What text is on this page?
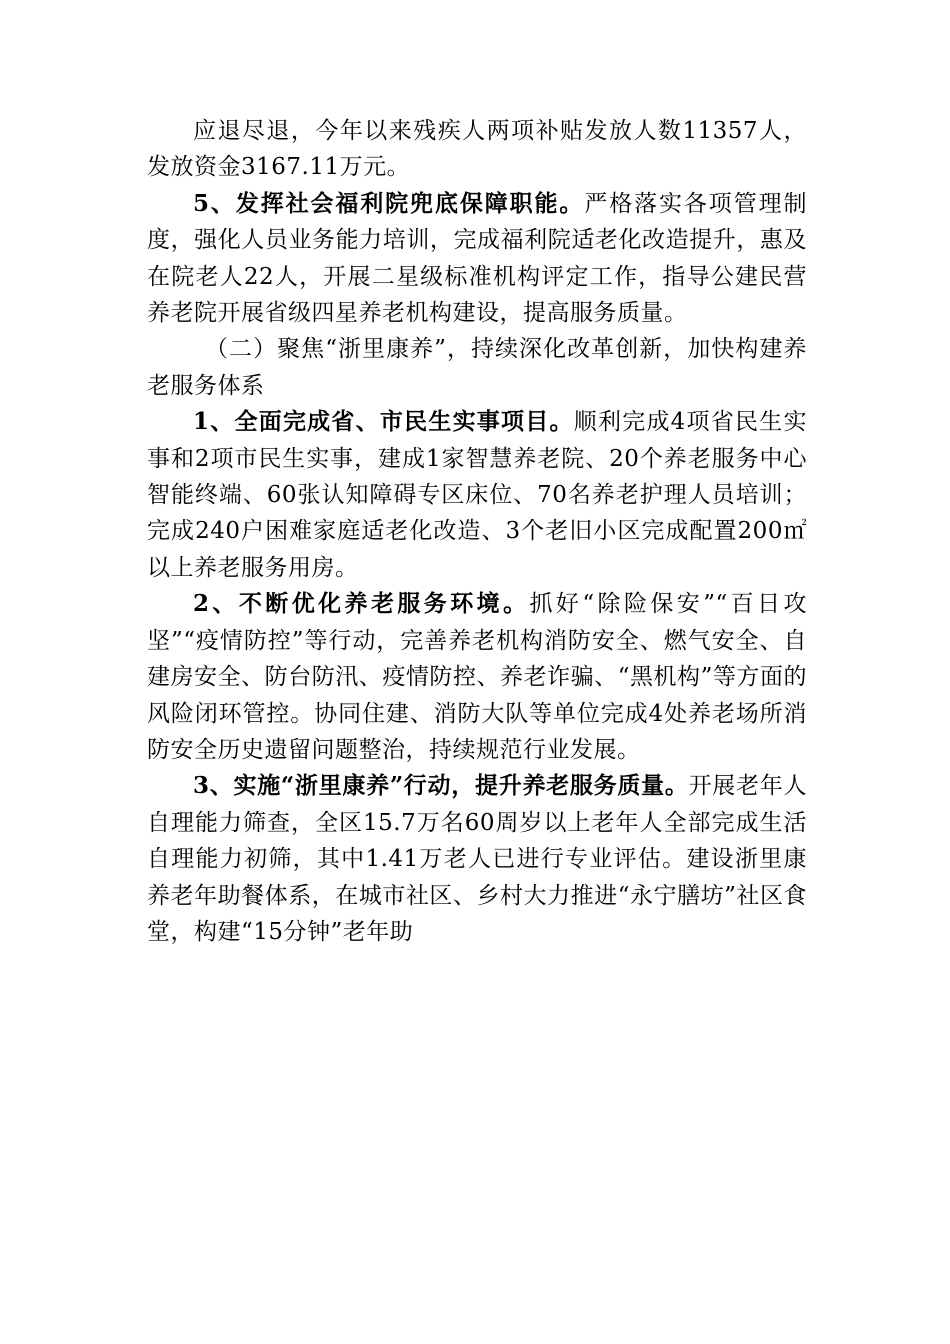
应退尽退，今年以来残疾人两项补贴发放人数11357人，发放资金3167.11万元。

5、发挥社会福利院兜底保障职能。严格落实各项管理制度，强化人员业务能力培训，完成福利院适老化改造提升，惠及在院老人22人，开展二星级标准机构评定工作，指导公建民营养老院开展省级四星养老机构建设，提高服务质量。

（二）聚焦“浙里康养”，持续深化改革创新，加快构建养老服务体系

1、全面完成省、市民生实事项目。顺利完成4项省民生实事和2项市民生实事，建成1家智慧养老院、20个养老服务中心智能终端、60张认知障碍专区床位、70名养老护理人员培训；完成240户困难家庭适老化改造、3个老旧小区完成配置200㎡以上养老服务用房。

2、不断优化养老服务环境。抓好“除险保安”“百日攻坚”“疫情防控”等行动，完善养老机构消防安全、燃气安全、自建房安全、防台防汛、疫情防控、养老诈骗、“黑机构”等方面的风险闭环管控。协同住建、消防大队等单位完成4处养老场所消防安全历史遗留问题整治，持续规范行业发展。

3、实施“浙里康养”行动，提升养老服务质量。开展老年人自理能力筛查，全区15.7万名60周岁以上老年人全部完成生活自理能力初筛，其中1.41万老人已进行专业评估。建设浙里康养老年助餐体系，在城市社区、乡村大力推进“永宁膳坊”社区食堂，构建“15分钟”老年助
